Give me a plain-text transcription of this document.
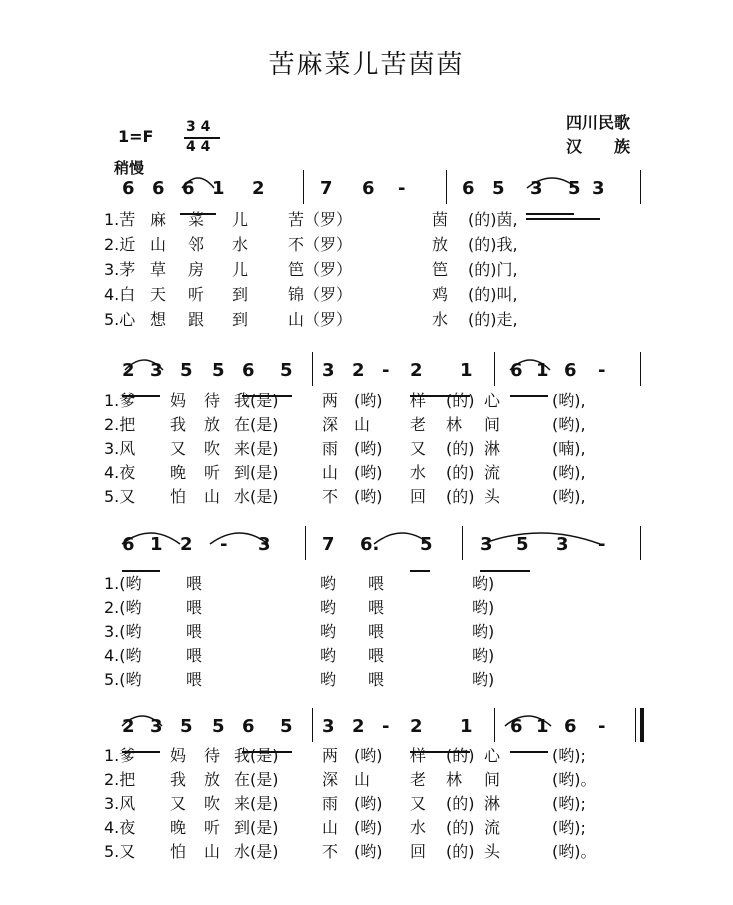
苦麻菜儿苦茵茵
四川民歌
汉　　族
1=F 3 4
4 4
稍慢
6 6 6 1 2	7 6 -	6 5 3 5 3
1.苦 麻 菜 儿 苦（罗）	茵 (的)茵,
2.近 山 邻 水 不（罗）	放 (的)我,
3.茅 草 房 儿 笆（罗）	笆 (的)门,
4.白 天 听 到 锦（罗）	鸡 (的)叫,
5.心 想 跟 到 山（罗）	水 (的)走,
2 3 5 5 6 5 3 2 - 2 1 6 1 6 -
1.爹 妈 待 我(是)	两 (哟) 样 (的) 心	(哟),
2.把 我 放 在(是)	深 山 老 林 间	(哟),
3.风 又 吹 来(是)	雨 (哟) 又 (的) 淋	(喃),
4.夜 晚 听 到(是)	山 (哟) 水 (的) 流	(哟),
5.又 怕 山 水(是)	不 (哟) 回 (的) 头	(哟),
6 1 2 - 3	7 6. 5	3 5 3 -
1.(哟	喂	哟 喂	哟)
2.(哟	喂	哟 喂	哟)
3.(哟	喂	哟 喂	哟)
4.(哟	喂	哟 喂	哟)
5.(哟	喂	哟 喂	哟)
2 3 5 5 6 5 3 2 - 2 1 6 1 6 -
1.爹 妈 待 我(是)	两 (哟) 样 (的) 心	(哟);
2.把 我 放 在(是)	深 山 老 林 间	(哟)。
3.风 又 吹 来(是)	雨 (哟) 又 (的) 淋	(哟);
4.夜 晚 听 到(是)	山 (哟) 水 (的) 流	(哟);
5.又 怕 山 水(是)	不 (哟) 回 (的) 头	(哟)。
